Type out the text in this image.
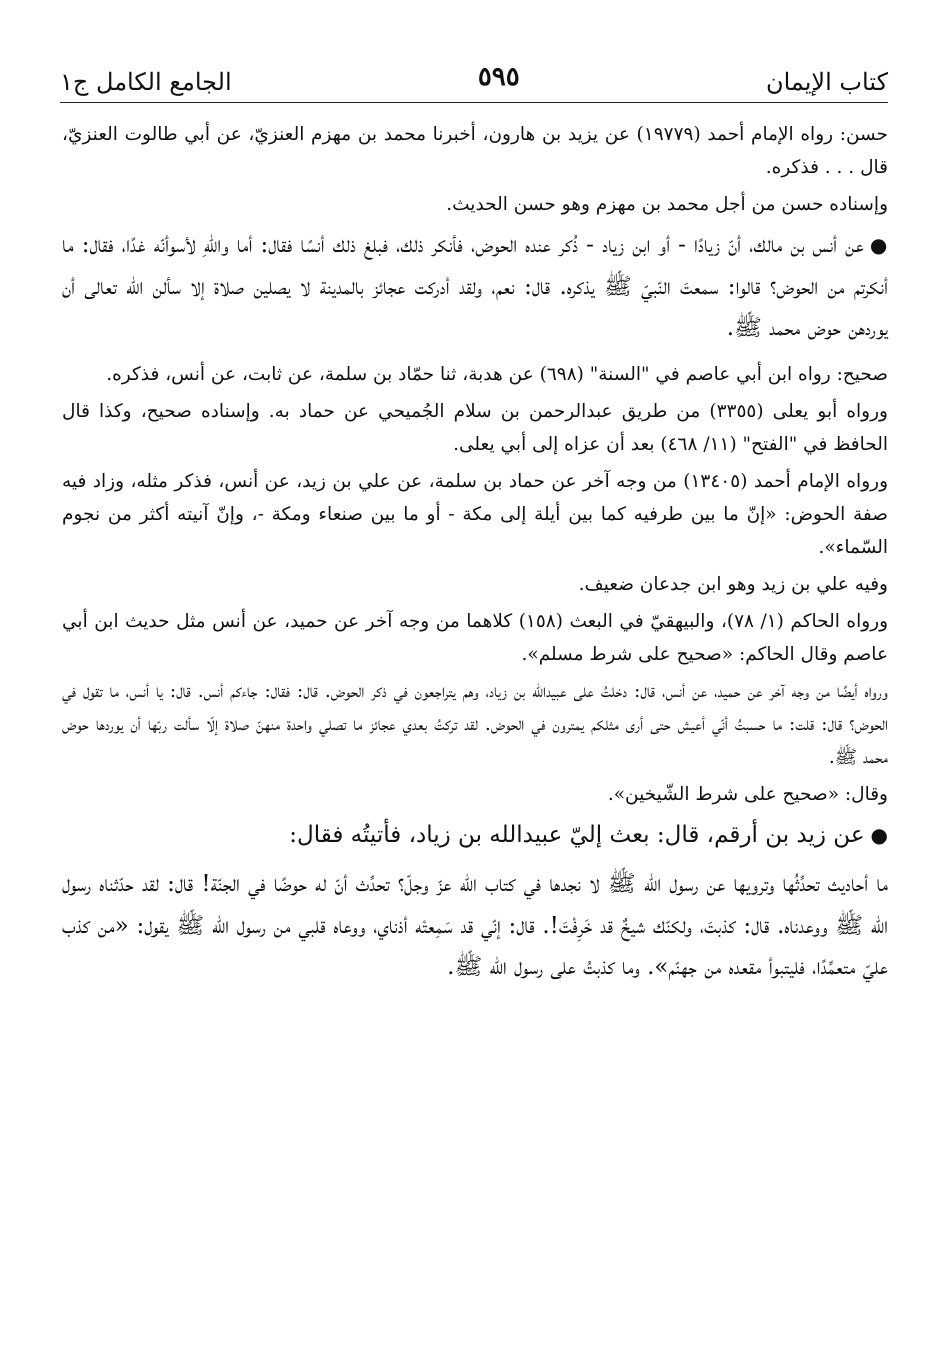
كتاب الإيمان
٥٩٥
الجامع الكامل ج١

حسن: رواه الإمام أحمد (١٩٧٧٩) عن يزيد بن هارون، أخبرنا محمد بن مهزم العنزيّ، عن أبي طالوت العنزيّ، قال . . . فذكره.

وإسناده حسن من أجل محمد بن مهزم وهو حسن الحديث.

●عن أنس بن مالك، أنّ زيادًا - أو ابن زياد - ذُكر عنده الحوض، فأنكر ذلك، فبلغ ذلك أنسًا فقال: أما واللّهِ لأسوأنّه غدًا، فقال: ما أنكرتم من الحوض؟ قالوا: سمعتَ النّبيّ ﷺ يذكره. قال: نعم، ولقد أدركت عجائز بالمدينة لا يصلين صلاة إلا سألن الله تعالى أن يوردهن حوض محمد ﷺ.

صحيح: رواه ابن أبي عاصم في "السنة" (٦٩٨) عن هدبة، ثنا حمّاد بن سلمة، عن ثابت، عن أنس، فذكره.

ورواه أبو يعلى (٣٣٥٥) من طريق عبدالرحمن بن سلام الجُميحي عن حماد به. وإسناده صحيح، وكذا قال الحافظ في "الفتح" (١١/ ٤٦٨) بعد أن عزاه إلى أبي يعلى.

ورواه الإمام أحمد (١٣٤٠٥) من وجه آخر عن حماد بن سلمة، عن علي بن زيد، عن أنس، فذكر مثله، وزاد فيه صفة الحوض: «إنّ ما بين طرفيه كما بين أيلة إلى مكة - أو ما بين صنعاء ومكة -، وإنّ آنيته أكثر من نجوم السّماء».

وفيه علي بن زيد وهو ابن جدعان ضعيف.

ورواه الحاكم (١/ ٧٨)، والبيهقيّ في البعث (١٥٨) كلاهما من وجه آخر عن حميد، عن أنس مثل حديث ابن أبي عاصم وقال الحاكم: «صحيح على شرط مسلم».

ورواه أيضًا من وجه آخر عن حميد، عن أنس، قال: دخلتُ على عبيدالله بن زياد، وهم يتراجعون في ذكر الحوض. قال: فقال: جاءكم أنس. قال: يا أنس، ما تقول في الحوض؟ قال: قلت: ما حسبتُ أنّي أعيش حتى أرى مثلكم يمترون في الحوض. لقد تركتُ بعدي عجائز ما تصلي واحدة منهنّ صلاة إلّا سألت ربّها أن يوردها حوض محمد ﷺ.

وقال: «صحيح على شرط الشّيخين».

●عن زيد بن أرقم، قال: بعث إليّ عبيدالله بن زياد، فأتيتُه فقال:

ما أحاديث تحدِّثُها وترويها عن رسول الله ﷺ لا نجدها في كتاب الله عزّ وجلّ؟ تحدِّث أنّ له حوضًا في الجنّة! قال: لقد حدّثناه رسول الله ﷺ ووعدناه. قال: كذبتَ، ولكنّك شيخٌ قد خَرِفْتَ!. قال: إنّي قد سَمِعتْه أذناي، ووعاه قلبي من رسول الله ﷺ يقول: «من كذب عليّ متعمِّدًا، فليتبوأ مقعده من جهنّم». وما كذبتُ على رسول الله ﷺ.
